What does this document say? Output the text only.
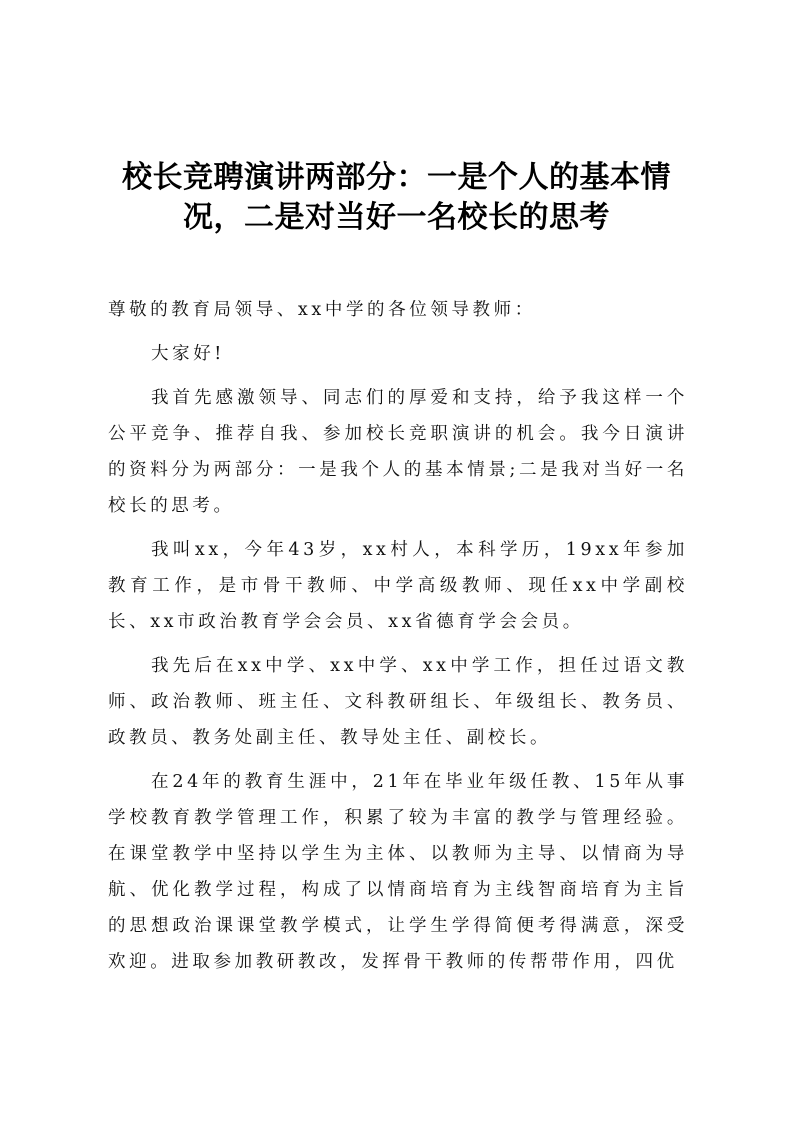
校长竞聘演讲两部分：一是个人的基本情况，二是对当好一名校长的思考

尊敬的教育局领导、xx中学的各位领导教师：

大家好!

我首先感激领导、同志们的厚爱和支持，给予我这样一个公平竞争、推荐自我、参加校长竞职演讲的机会。我今日演讲的资料分为两部分：一是我个人的基本情景;二是我对当好一名校长的思考。

我叫xx，今年43岁，xx村人，本科学历，19xx年参加教育工作，是市骨干教师、中学高级教师、现任xx中学副校长、xx市政治教育学会会员、xx省德育学会会员。

我先后在xx中学、xx中学、xx中学工作，担任过语文教师、政治教师、班主任、文科教研组长、年级组长、教务员、政教员、教务处副主任、教导处主任、副校长。

在24年的教育生涯中，21年在毕业年级任教、15年从事学校教育教学管理工作，积累了较为丰富的教学与管理经验。在课堂教学中坚持以学生为主体、以教师为主导、以情商为导航、优化教学过程，构成了以情商培育为主线智商培育为主旨的思想政治课课堂教学模式，让学生学得简便考得满意，深受欢迎。进取参加教研教改，发挥骨干教师的传帮带作用，四优
